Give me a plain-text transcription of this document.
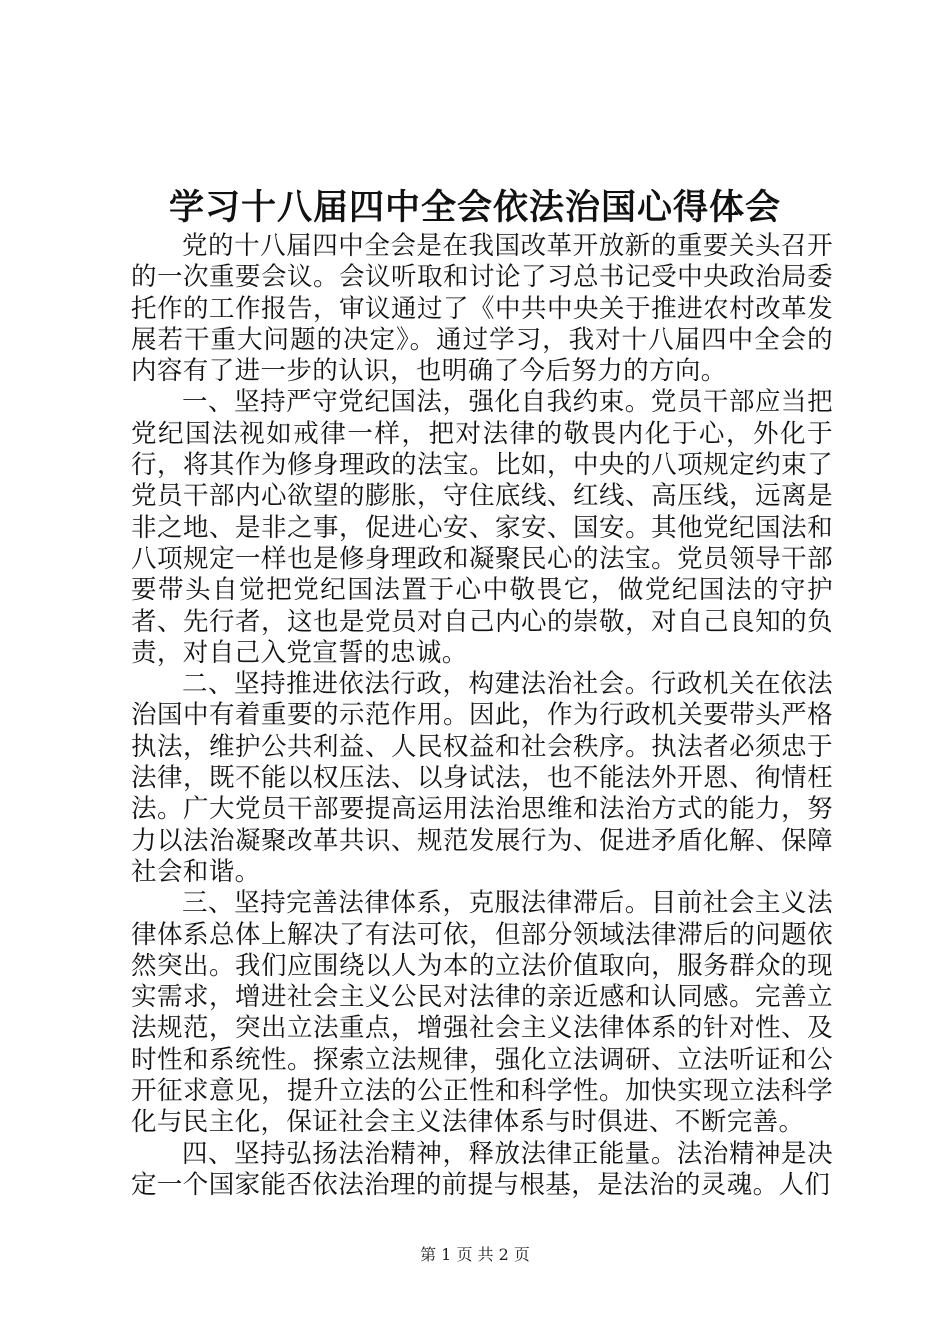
学习十八届四中全会依法治国心得体会

党的十八届四中全会是在我国改革开放新的重要关头召开的一次重要会议。会议听取和讨论了习总书记受中央政治局委托作的工作报告，审议通过了《中共中央关于推进农村改革发展若干重大问题的决定》。通过学习，我对十八届四中全会的内容有了进一步的认识，也明确了今后努力的方向。

一、坚持严守党纪国法，强化自我约束。党员干部应当把党纪国法视如戒律一样，把对法律的敬畏内化于心，外化于行，将其作为修身理政的法宝。比如，中央的八项规定约束了党员干部内心欲望的膨胀，守住底线、红线、高压线，远离是非之地、是非之事，促进心安、家安、国安。其他党纪国法和八项规定一样也是修身理政和凝聚民心的法宝。党员领导干部要带头自觉把党纪国法置于心中敬畏它，做党纪国法的守护者、先行者，这也是党员对自己内心的崇敬，对自己良知的负责，对自己入党宣誓的忠诚。

二、坚持推进依法行政，构建法治社会。行政机关在依法治国中有着重要的示范作用。因此，作为行政机关要带头严格执法，维护公共利益、人民权益和社会秩序。执法者必须忠于法律，既不能以权压法、以身试法，也不能法外开恩、徇情枉法。广大党员干部要提高运用法治思维和法治方式的能力，努力以法治凝聚改革共识、规范发展行为、促进矛盾化解、保障社会和谐。

三、坚持完善法律体系，克服法律滞后。目前社会主义法律体系总体上解决了有法可依，但部分领域法律滞后的问题依然突出。我们应围绕以人为本的立法价值取向，服务群众的现实需求，增进社会主义公民对法律的亲近感和认同感。完善立法规范，突出立法重点，增强社会主义法律体系的针对性、及时性和系统性。探索立法规律，强化立法调研、立法听证和公开征求意见，提升立法的公正性和科学性。加快实现立法科学化与民主化，保证社会主义法律体系与时俱进、不断完善。

四、坚持弘扬法治精神，释放法律正能量。法治精神是决定一个国家能否依法治理的前提与根基，是法治的灵魂。人们

第 1 页 共 2 页
